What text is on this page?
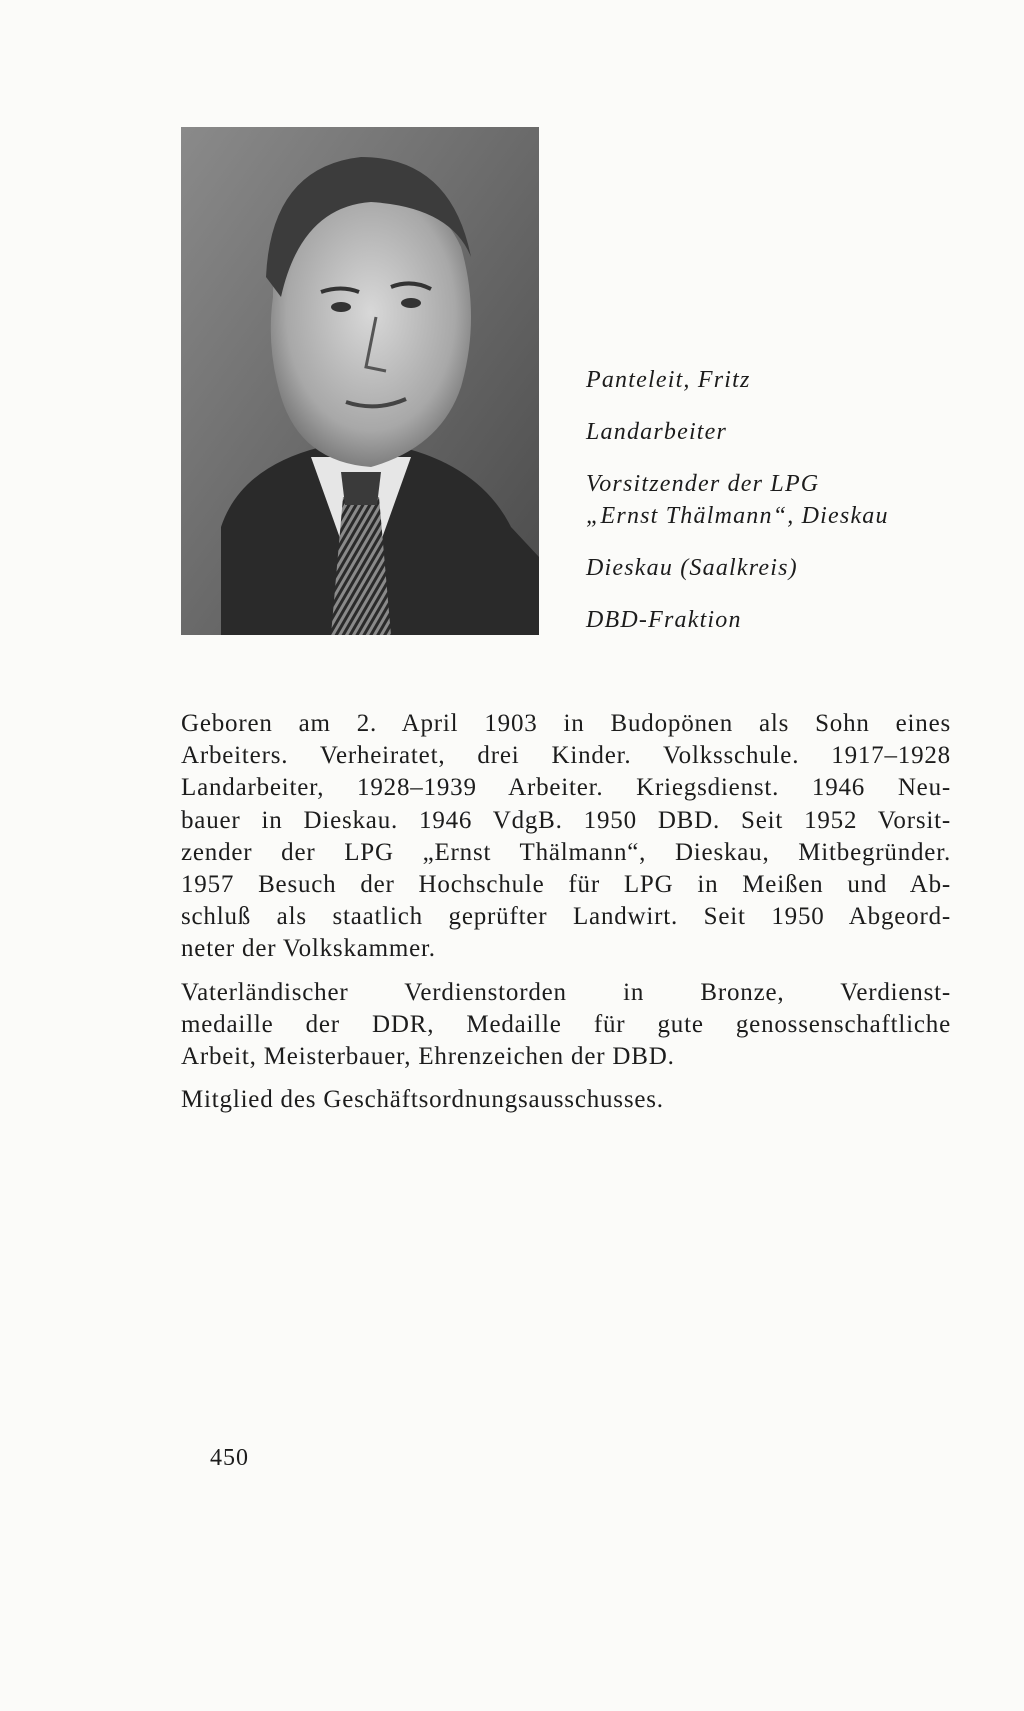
Panteleit, Fritz

Landarbeiter

Vorsitzender der LPG

„Ernst Thälmann“, Dieskau

Dieskau (Saalkreis)

DBD-Fraktion

Geboren am 2. April 1903 in Budopönen als Sohn eines
Arbeiters. Verheiratet, drei Kinder. Volksschule. 1917–1928
Landarbeiter, 1928–1939 Arbeiter. Kriegsdienst. 1946 Neu-
bauer in Dieskau. 1946 VdgB. 1950 DBD. Seit 1952 Vorsit-
zender der LPG „Ernst Thälmann“, Dieskau, Mitbegründer.
1957 Besuch der Hochschule für LPG in Meißen und Ab-
schluß als staatlich geprüfter Landwirt. Seit 1950 Abgeord-
neter der Volkskammer.

Vaterländischer Verdienstorden in Bronze, Verdienst-
medaille der DDR, Medaille für gute genossenschaftliche
Arbeit, Meisterbauer, Ehrenzeichen der DBD.

Mitglied des Geschäftsordnungsausschusses.

450
